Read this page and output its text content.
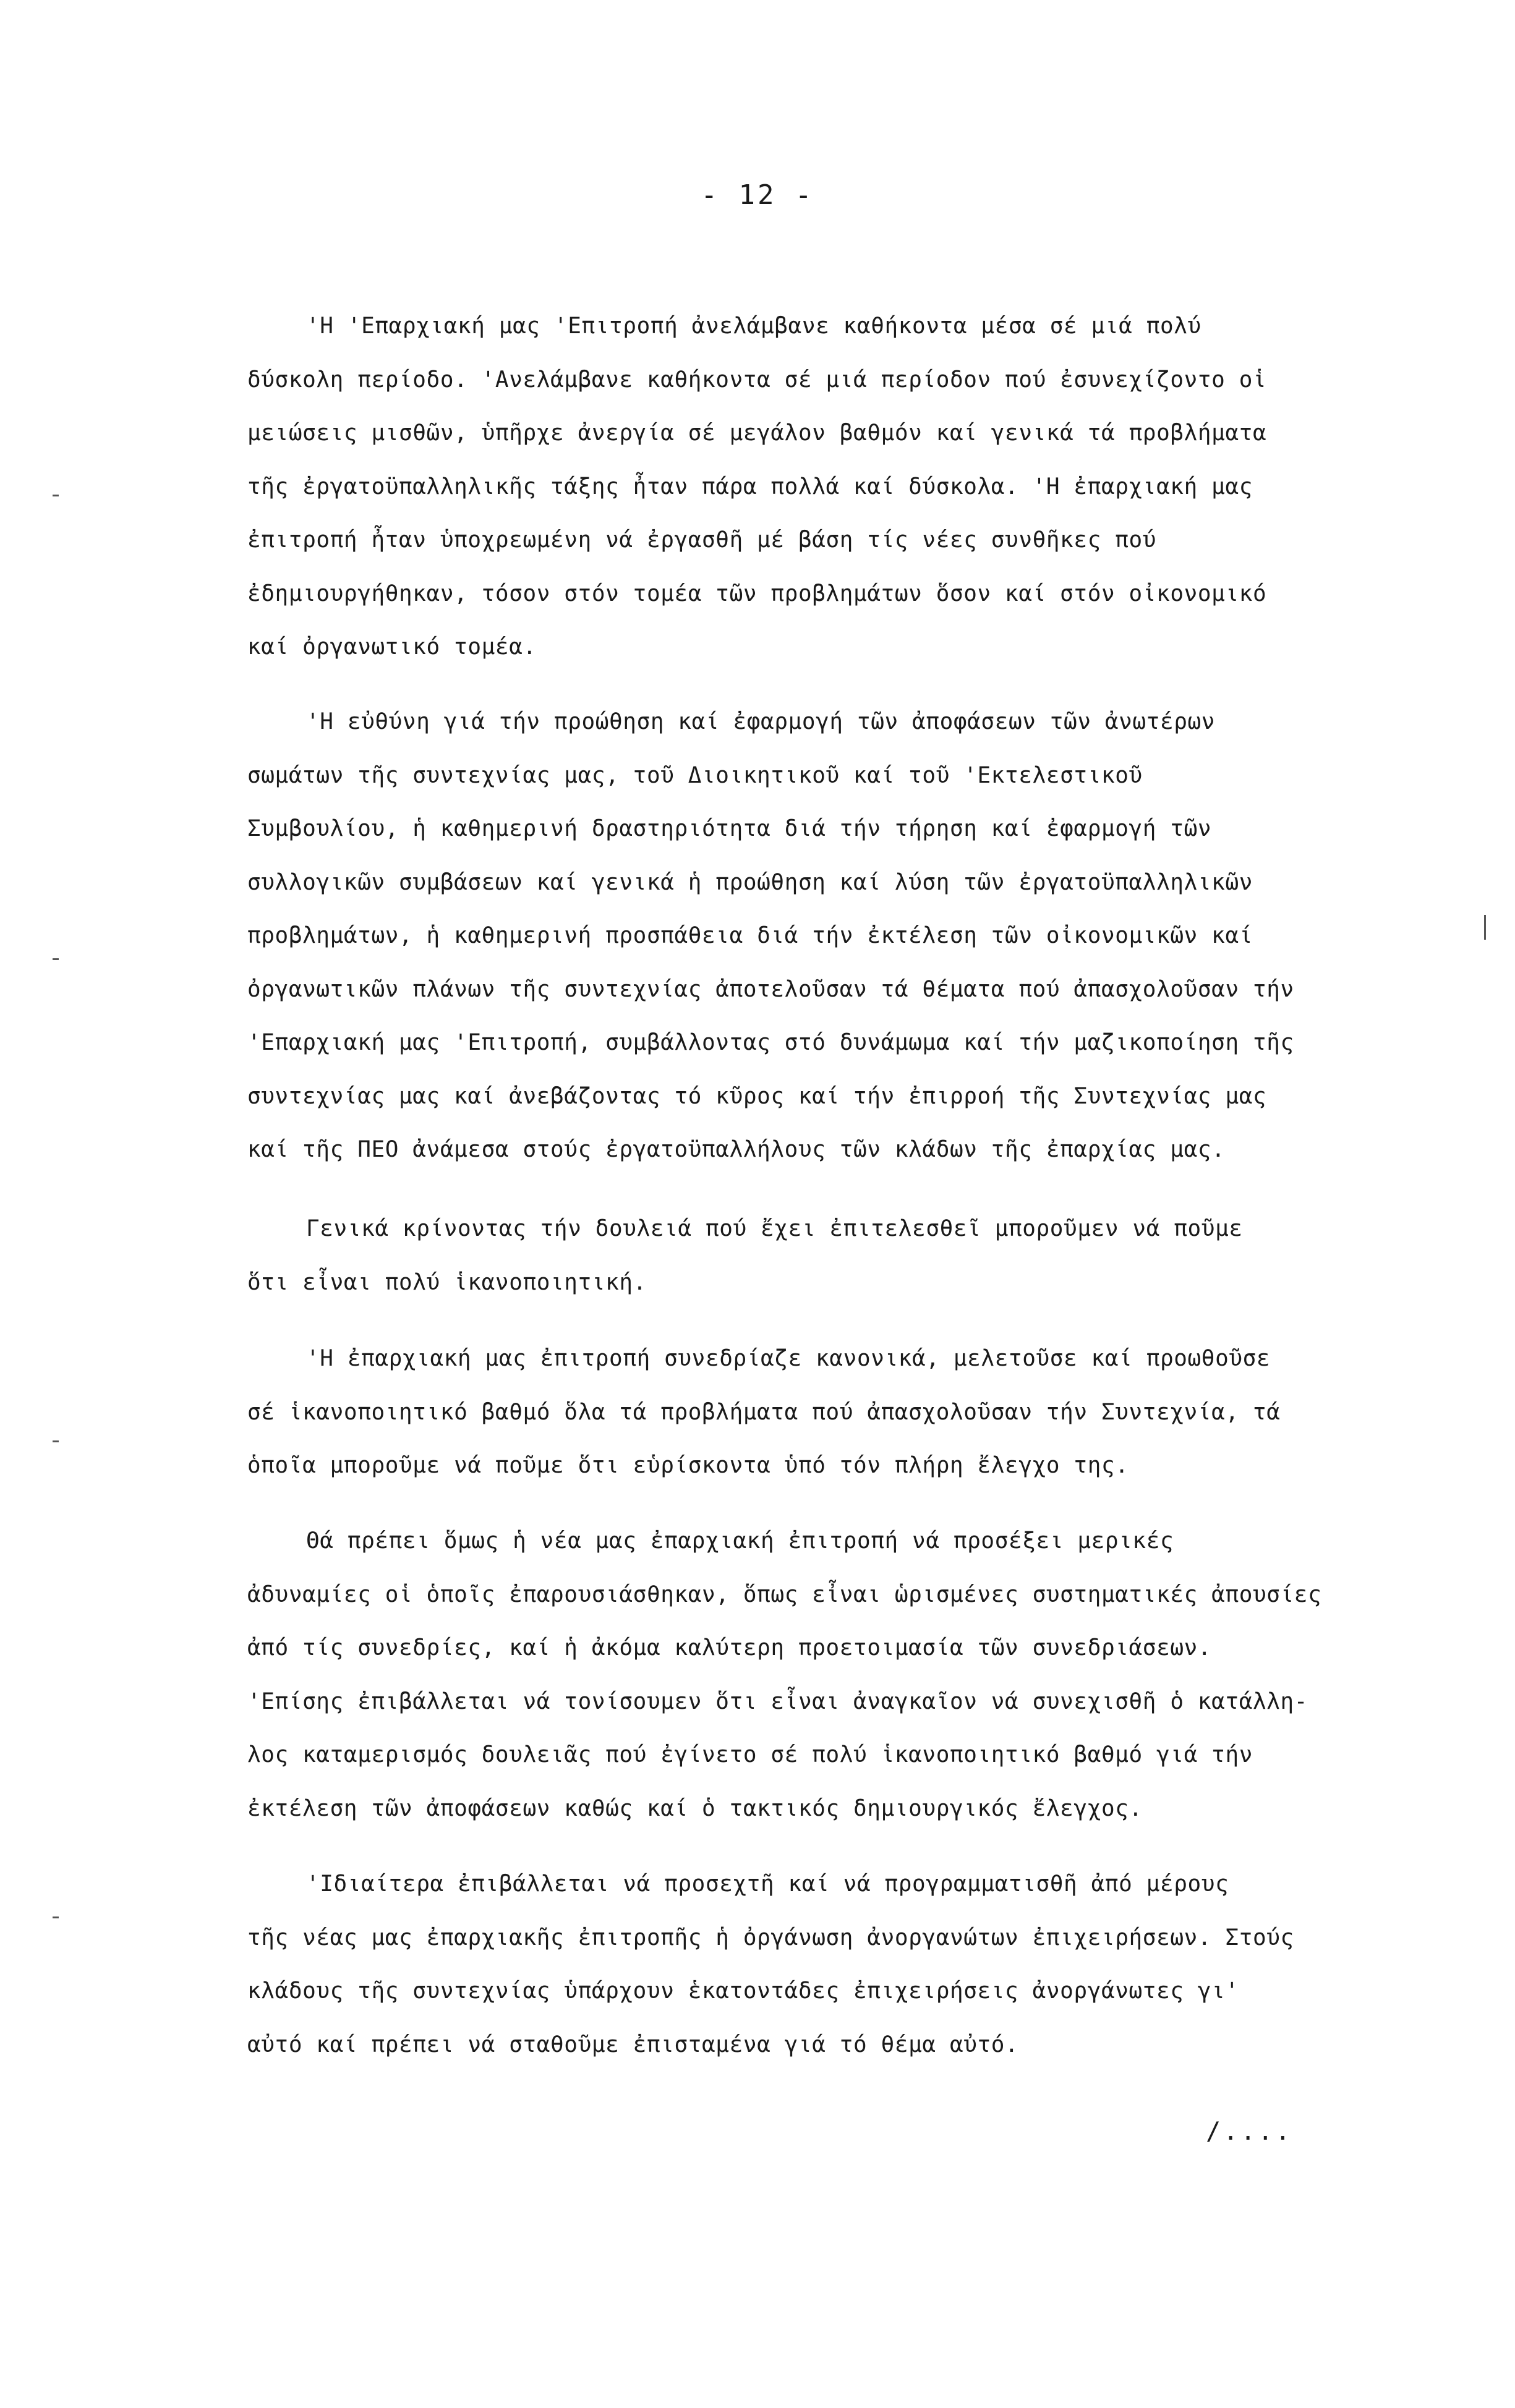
- 12 -
'Η 'Επαρχιακή μας 'Επιτροπή ἀνελάμβανε καθήκοντα μέσα σέ μιά πολύ
δύσκολη περίοδο. 'Ανελάμβανε καθήκοντα σέ μιά περίοδον πού ἐσυνεχίζοντο οἱ
μειώσεις μισθῶν, ὑπῆρχε ἀνεργία σέ μεγάλον βαθμόν καί γενικά τά προβλήματα
τῆς ἐργατοϋπαλληλικῆς τάξης ἦταν πάρα πολλά καί δύσκολα. 'Η ἐπαρχιακή μας
ἐπιτροπή ἦταν ὑποχρεωμένη νά ἐργασθῆ μέ βάση τίς νέες συνθῆκες πού
ἐδημιουργήθηκαν, τόσον στόν τομέα τῶν προβλημάτων ὅσον καί στόν οἰκονομικό
καί ὀργανωτικό τομέα.
'Η εὐθύνη γιά τήν προώθηση καί ἐφαρμογή τῶν ἀποφάσεων τῶν ἀνωτέρων
σωμάτων τῆς συντεχνίας μας, τοῦ Διοικητικοῦ καί τοῦ 'Εκτελεστικοῦ
Συμβουλίου, ἡ καθημερινή δραστηριότητα διά τήν τήρηση καί ἐφαρμογή τῶν
συλλογικῶν συμβάσεων καί γενικά ἡ προώθηση καί λύση τῶν ἐργατοϋπαλληλικῶν
προβλημάτων, ἡ καθημερινή προσπάθεια διά τήν ἐκτέλεση τῶν οἰκονομικῶν καί
ὀργανωτικῶν πλάνων τῆς συντεχνίας ἀποτελοῦσαν τά θέματα πού ἀπασχολοῦσαν τήν
'Επαρχιακή μας 'Επιτροπή, συμβάλλοντας στό δυνάμωμα καί τήν μαζικοποίηση τῆς
συντεχνίας μας καί ἀνεβάζοντας τό κῦρος καί τήν ἐπιρροή τῆς Συντεχνίας μας
καί τῆς ΠΕΟ ἀνάμεσα στούς ἐργατοϋπαλλήλους τῶν κλάδων τῆς ἐπαρχίας μας.
Γενικά κρίνοντας τήν δουλειά πού ἔχει ἐπιτελεσθεῖ μποροῦμεν νά ποῦμε
ὅτι εἶναι πολύ ἱκανοποιητική.
'Η ἐπαρχιακή μας ἐπιτροπή συνεδρίαζε κανονικά, μελετοῦσε καί προωθοῦσε
σέ ἱκανοποιητικό βαθμό ὅλα τά προβλήματα πού ἀπασχολοῦσαν τήν Συντεχνία, τά
ὁποῖα μποροῦμε νά ποῦμε ὅτι εὑρίσκοντα ὑπό τόν πλήρη ἔλεγχο της.
Θά πρέπει ὅμως ἡ νέα μας ἐπαρχιακή ἐπιτροπή νά προσέξει μερικές
ἀδυναμίες οἱ ὁποῖς ἐπαρουσιάσθηκαν, ὅπως εἶναι ὡρισμένες συστηματικές ἀπουσίες
ἀπό τίς συνεδρίες, καί ἡ ἀκόμα καλύτερη προετοιμασία τῶν συνεδριάσεων.
'Επίσης ἐπιβάλλεται νά τονίσουμεν ὅτι εἶναι ἀναγκαῖον νά συνεχισθῆ ὁ κατάλλη-
λος καταμερισμός δουλειᾶς πού ἐγίνετο σέ πολύ ἱκανοποιητικό βαθμό γιά τήν
ἐκτέλεση τῶν ἀποφάσεων καθώς καί ὁ τακτικός δημιουργικός ἔλεγχος.
'Ιδιαίτερα ἐπιβάλλεται νά προσεχτῆ καί νά προγραμματισθῆ ἀπό μέρους
τῆς νέας μας ἐπαρχιακῆς ἐπιτροπῆς ἡ ὀργάνωση ἀνοργανώτων ἐπιχειρήσεων. Στούς
κλάδους τῆς συντεχνίας ὑπάρχουν ἑκατοντάδες ἐπιχειρήσεις ἀνοργάνωτες γι'
αὐτό καί πρέπει νά σταθοῦμε ἐπισταμένα γιά τό θέμα αὐτό.
/....
